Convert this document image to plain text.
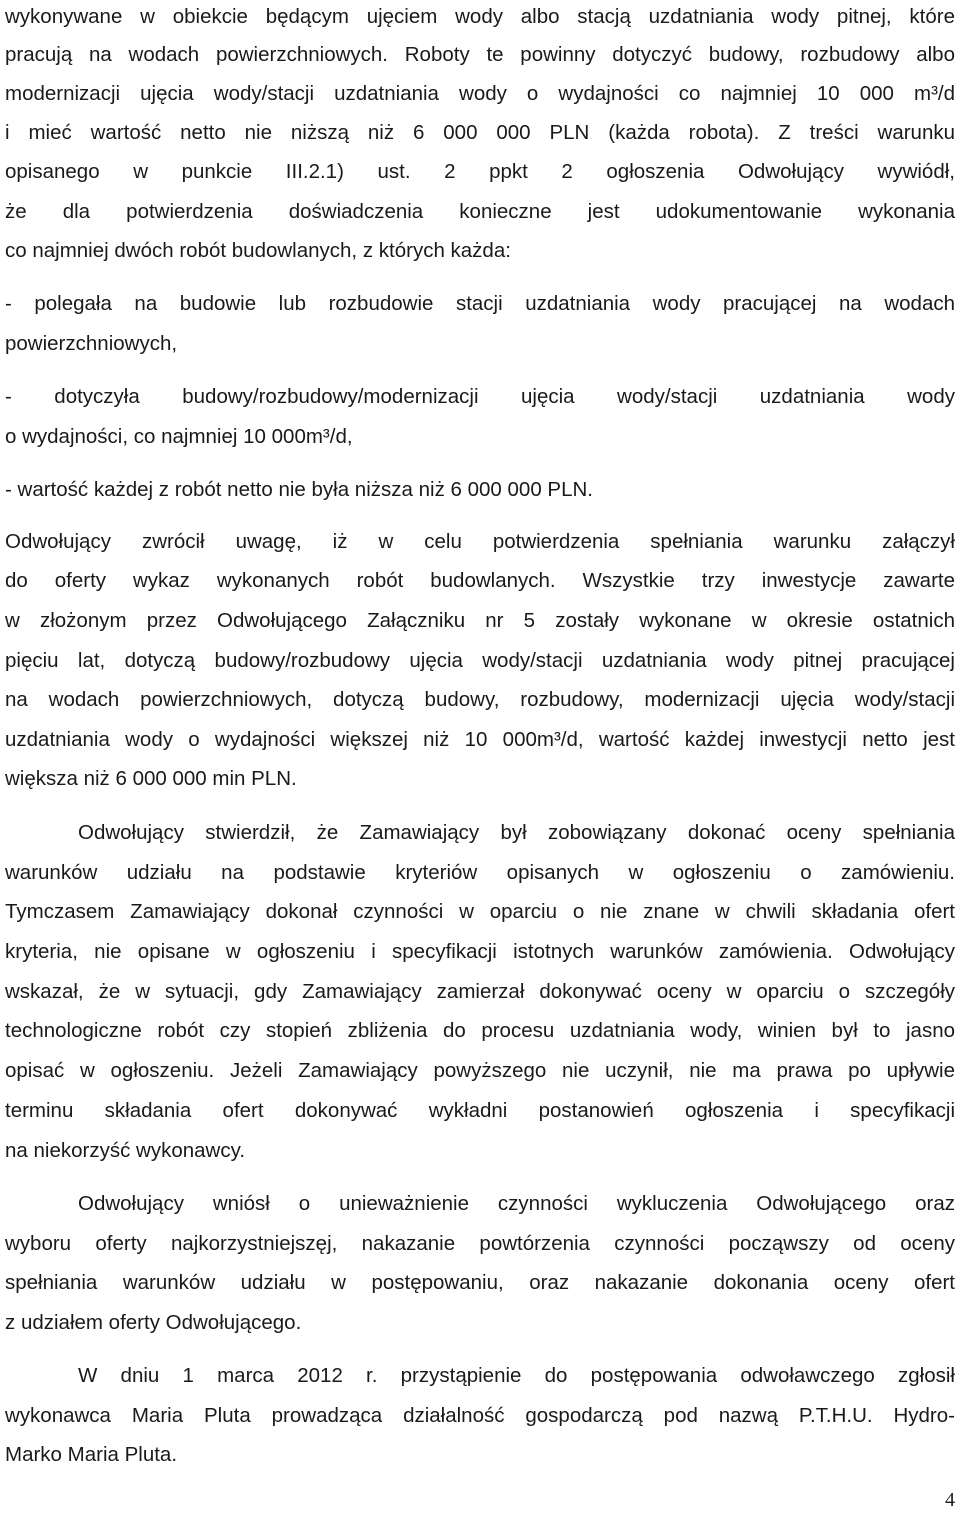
wykonywane w obiekcie będącym ujęciem wody albo stacją uzdatniania wody pitnej, które
pracują na wodach powierzchniowych. Roboty te powinny dotyczyć budowy, rozbudowy albo
modernizacji ujęcia wody/stacji uzdatniania wody o wydajności co najmniej 10 000 m³/d
i mieć wartość netto nie niższą niż 6 000 000 PLN (każda robota). Z treści warunku
opisanego w punkcie III.2.1) ust. 2 ppkt 2 ogłoszenia Odwołujący wywiódł,
że dla potwierdzenia doświadczenia konieczne jest udokumentowanie wykonania
co najmniej dwóch robót budowlanych, z których każda:
- polegała na budowie lub rozbudowie stacji uzdatniania wody pracującej na wodach
powierzchniowych,
- dotyczyła budowy/rozbudowy/modernizacji ujęcia wody/stacji uzdatniania wody
o wydajności, co najmniej 10 000m³/d,
- wartość każdej z robót netto nie była niższa niż 6 000 000 PLN.
Odwołujący zwrócił uwagę, iż w celu potwierdzenia spełniania warunku załączył
do oferty wykaz wykonanych robót budowlanych. Wszystkie trzy inwestycje zawarte
w złożonym przez Odwołującego Załączniku nr 5 zostały wykonane w okresie ostatnich
pięciu lat, dotyczą budowy/rozbudowy ujęcia wody/stacji uzdatniania wody pitnej pracującej
na wodach powierzchniowych, dotyczą budowy, rozbudowy, modernizacji ujęcia wody/stacji
uzdatniania wody o wydajności większej niż 10 000m³/d, wartość każdej inwestycji netto jest
większa niż 6 000 000 min PLN.
Odwołujący stwierdził, że Zamawiający był zobowiązany dokonać oceny spełniania
warunków udziału na podstawie kryteriów opisanych w ogłoszeniu o zamówieniu.
Tymczasem Zamawiający dokonał czynności w oparciu o nie znane w chwili składania ofert
kryteria, nie opisane w ogłoszeniu i specyfikacji istotnych warunków zamówienia. Odwołujący
wskazał, że w sytuacji, gdy Zamawiający zamierzał dokonywać oceny w oparciu o szczegóły
technologiczne robót czy stopień zbliżenia do procesu uzdatniania wody, winien był to jasno
opisać w ogłoszeniu. Jeżeli Zamawiający powyższego nie uczynił, nie ma prawa po upływie
terminu składania ofert dokonywać wykładni postanowień ogłoszenia i specyfikacji
na niekorzyść wykonawcy.
Odwołujący wniósł o unieważnienie czynności wykluczenia Odwołującego oraz
wyboru oferty najkorzystniejszęj, nakazanie powtórzenia czynności począwszy od oceny
spełniania warunków udziału w postępowaniu, oraz nakazanie dokonania oceny ofert
z udziałem oferty Odwołującego.
W dniu 1 marca 2012 r. przystąpienie do postępowania odwoławczego zgłosił
wykonawca Maria Pluta prowadząca działalność gospodarczą pod nazwą P.T.H.U. Hydro-
Marko Maria Pluta.
4
